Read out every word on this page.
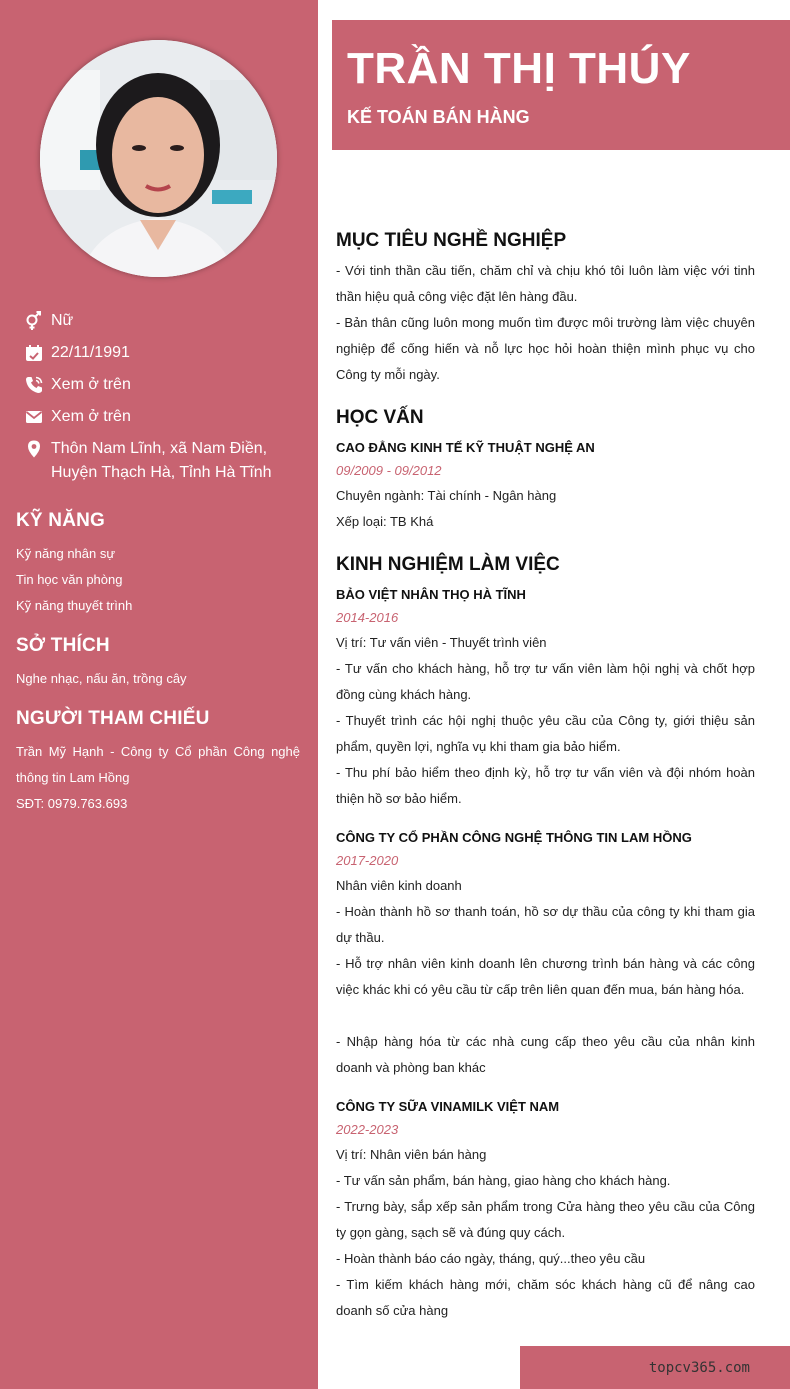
Nữ
22/11/1991
Xem ở trên
Xem ở trên
Thôn Nam Lĩnh, xã Nam Điền,
Huyện Thạch Hà, Tỉnh Hà Tĩnh
KỸ NĂNG
Kỹ năng nhân sự
Tin học văn phòng
Kỹ năng thuyết trình
SỞ THÍCH
Nghe nhạc, nấu ăn, trồng cây
NGƯỜI THAM CHIẾU
Trần Mỹ Hạnh - Công ty Cổ phần Công nghệ thông tin Lam Hồng
SĐT: 0979.763.693
TRẦN THỊ THÚY
KẾ TOÁN BÁN HÀNG
MỤC TIÊU NGHỀ NGHIỆP
- Với tinh thần cầu tiến, chăm chỉ và chịu khó tôi luôn làm việc với tinh thần hiệu quả công việc đặt lên hàng đầu.
- Bản thân cũng luôn mong muốn tìm được môi trường làm việc chuyên nghiệp để cống hiến và nỗ lực học hỏi hoàn thiện mình phục vụ cho Công ty mỗi ngày.
HỌC VẤN
CAO ĐẲNG KINH TẾ KỸ THUẬT NGHỆ AN
09/2009 - 09/2012
Chuyên ngành: Tài chính - Ngân hàng
Xếp loại: TB Khá
KINH NGHIỆM LÀM VIỆC
BẢO VIỆT NHÂN THỌ HÀ TĨNH
2014-2016
Vị trí: Tư vấn viên - Thuyết trình viên
- Tư vấn cho khách hàng, hỗ trợ tư vấn viên làm hội nghị và chốt hợp đồng cùng khách hàng.
- Thuyết trình các hội nghị thuộc yêu cầu của Công ty, giới thiệu sản phẩm, quyền lợi, nghĩa vụ khi tham gia bảo hiểm.
- Thu phí bảo hiểm theo định kỳ, hỗ trợ tư vấn viên và đội nhóm hoàn thiện hồ sơ bảo hiểm.
CÔNG TY CỔ PHẦN CÔNG NGHỆ THÔNG TIN LAM HỒNG
2017-2020
Nhân viên kinh doanh
- Hoàn thành hồ sơ thanh toán, hồ sơ dự thầu của công ty khi tham gia dự thầu.
- Hỗ trợ nhân viên kinh doanh lên chương trình bán hàng và các công việc khác khi có yêu cầu từ cấp trên liên quan đến mua, bán hàng hóa.
- Nhập hàng hóa từ các nhà cung cấp theo yêu cầu của nhân kinh doanh và phòng ban khác
CÔNG TY SỮA VINAMILK VIỆT NAM
2022-2023
Vị trí: Nhân viên bán hàng
- Tư vấn sản phẩm, bán hàng, giao hàng cho khách hàng.
- Trưng bày, sắp xếp sản phẩm trong Cửa hàng theo yêu cầu của Công ty gọn gàng, sạch sẽ và đúng quy cách.
- Hoàn thành báo cáo ngày, tháng, quý...theo yêu cầu
- Tìm kiếm khách hàng mới, chăm sóc khách hàng cũ để nâng cao doanh số cửa hàng
topcv365.com
